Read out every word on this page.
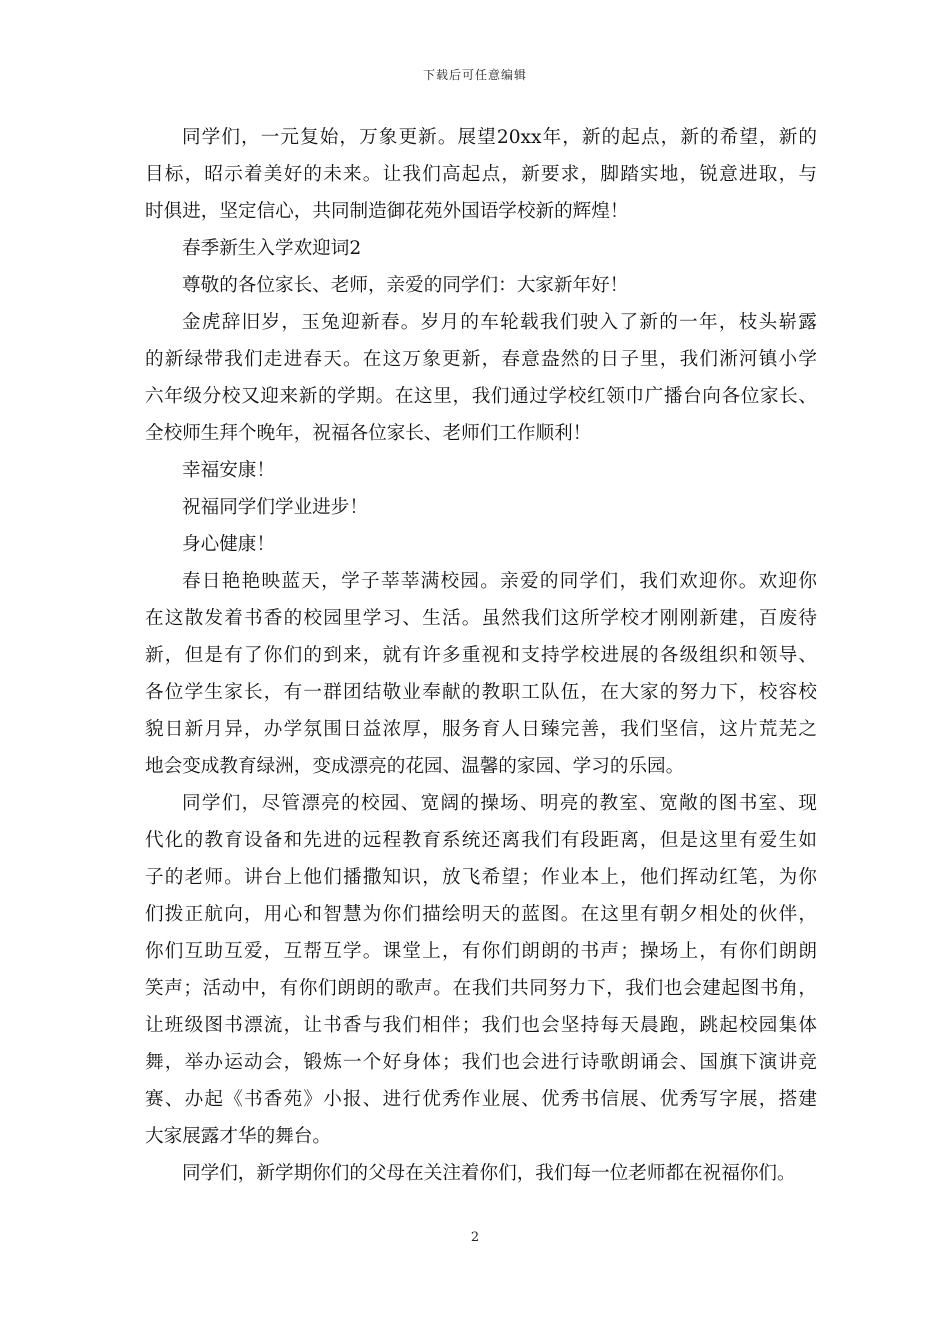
下载后可任意编辑
同学们，一元复始，万象更新。展望20xx年，新的起点，新的希望，新的
目标，昭示着美好的未来。让我们高起点，新要求，脚踏实地，锐意进取，与
时俱进，坚定信心，共同制造御花苑外国语学校新的辉煌！
春季新生入学欢迎词2
尊敬的各位家长、老师，亲爱的同学们：大家新年好！
金虎辞旧岁，玉兔迎新春。岁月的车轮载我们驶入了新的一年，枝头崭露
的新绿带我们走进春天。在这万象更新，春意盎然的日子里，我们淅河镇小学
六年级分校又迎来新的学期。在这里，我们通过学校红领巾广播台向各位家长、
全校师生拜个晚年，祝福各位家长、老师们工作顺利！
幸福安康！
祝福同学们学业进步！
身心健康！
春日艳艳映蓝天，学子莘莘满校园。亲爱的同学们，我们欢迎你。欢迎你
在这散发着书香的校园里学习、生活。虽然我们这所学校才刚刚新建，百废待
新，但是有了你们的到来，就有许多重视和支持学校进展的各级组织和领导、
各位学生家长，有一群团结敬业奉献的教职工队伍，在大家的努力下，校容校
貌日新月异，办学氛围日益浓厚，服务育人日臻完善，我们坚信，这片荒芜之
地会变成教育绿洲，变成漂亮的花园、温馨的家园、学习的乐园。
同学们，尽管漂亮的校园、宽阔的操场、明亮的教室、宽敞的图书室、现
代化的教育设备和先进的远程教育系统还离我们有段距离，但是这里有爱生如
子的老师。讲台上他们播撒知识，放飞希望；作业本上，他们挥动红笔，为你
们拨正航向，用心和智慧为你们描绘明天的蓝图。在这里有朝夕相处的伙伴，
你们互助互爱，互帮互学。课堂上，有你们朗朗的书声；操场上，有你们朗朗
笑声；活动中，有你们朗朗的歌声。在我们共同努力下，我们也会建起图书角，
让班级图书漂流，让书香与我们相伴；我们也会坚持每天晨跑，跳起校园集体
舞，举办运动会，锻炼一个好身体；我们也会进行诗歌朗诵会、国旗下演讲竞
赛、办起《书香苑》小报、进行优秀作业展、优秀书信展、优秀写字展，搭建
大家展露才华的舞台。
同学们，新学期你们的父母在关注着你们，我们每一位老师都在祝福你们。
2
